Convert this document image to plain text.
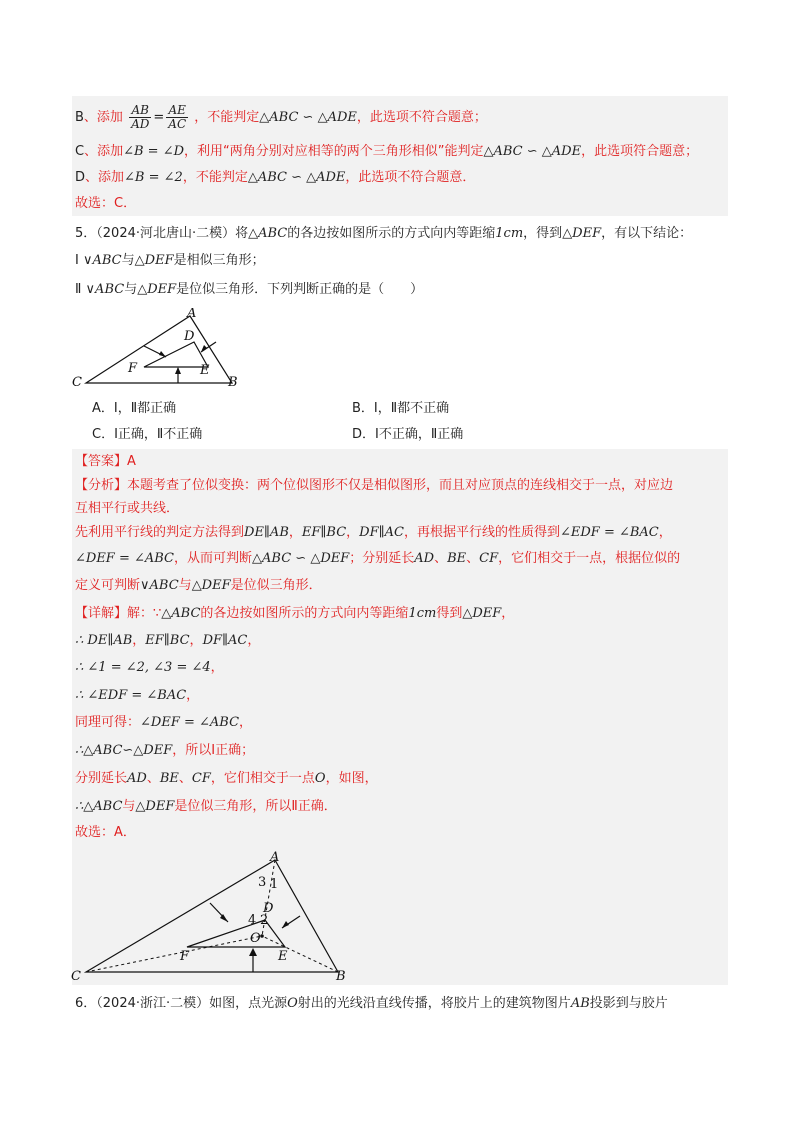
B、添加 $\frac{AB}{AD} = \frac{AE}{AC}$ ，不能判定△ABC ∽ △ADE，此选项不符合题意；
C、添加∠B = ∠D，利用“两角分别对应相等的两个三角形相似”能判定△ABC ∽ △ADE，此选项符合题意；
D、添加∠B = ∠2，不能判定△ABC ∽ △ADE，此选项不符合题意．
故选：C．
5．（2024·河北唐山·二模）将△ABC的各边按如图所示的方式向内等距缩1cm，得到△DEF，有以下结论：
Ⅰ ∨ABC与△DEF是相似三角形；
Ⅱ ∨ABC与△DEF是位似三角形．下列判断正确的是（　　）
A
B
C
D
E
F
A．Ⅰ，Ⅱ都正确	B．Ⅰ，Ⅱ都不正确
C．Ⅰ正确，Ⅱ不正确	D．Ⅰ不正确，Ⅱ正确
【答案】A
【分析】本题考查了位似变换：两个位似图形不仅是相似图形，而且对应顶点的连线相交于一点，对应边
互相平行或共线．
先利用平行线的判定方法得到DE∥AB，EF∥BC，DF∥AC，再根据平行线的性质得到∠EDF = ∠BAC，
∠DEF = ∠ABC，从而可判断△ABC ∽ △DEF；分别延长AD、BE、CF，它们相交于一点，根据位似的
定义可判断∨ABC与△DEF是位似三角形．
【详解】解：∵△ABC的各边按如图所示的方式向内等距缩1cm得到△DEF，
∴ DE∥AB，EF∥BC，DF∥AC，
∴ ∠1 = ∠2, ∠3 = ∠4，
∴ ∠EDF = ∠BAC，
同理可得：∠DEF = ∠ABC，
∴△ABC∽△DEF，所以Ⅰ正确；
分别延长AD、BE、CF，它们相交于一点O，如图，
∴△ABC与△DEF是位似三角形，所以Ⅱ正确．
故选：A．
A
B
C
D
E
F
O
1
2
3
4
6．（2024·浙江·二模）如图，点光源O射出的光线沿直线传播，将胶片上的建筑物图片AB投影到与胶片
